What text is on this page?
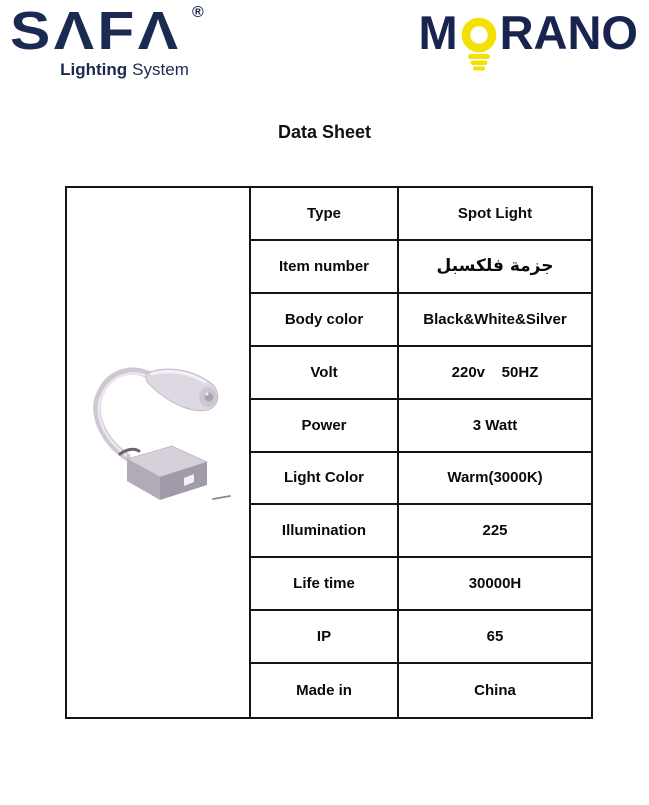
SΛFΛ ®
Lighting System
M RANO
Data Sheet
Type	Spot Light
Item number	جزمة فلكسبل
Body color	Black&White&Silver
Volt	220v    50HZ
Power	3 Watt
Light Color	Warm(3000K)
Illumination	225
Life time	30000H
IP	65
Made in	China
